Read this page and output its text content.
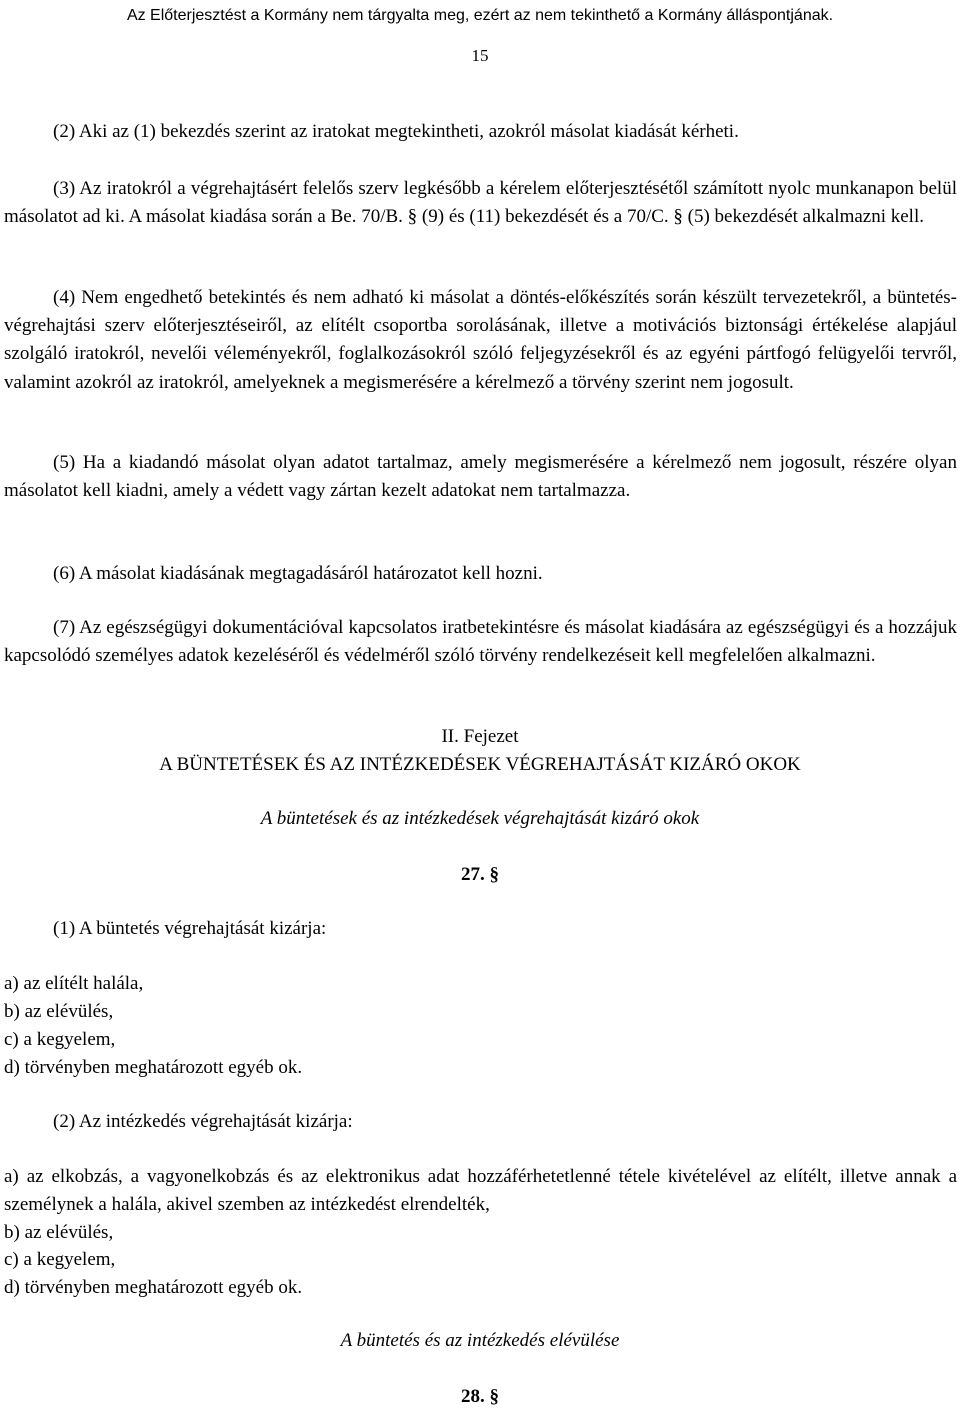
Az Előterjesztést a Kormány nem tárgyalta meg, ezért az nem tekinthető a Kormány álláspontjának.
15
(2) Aki az (1) bekezdés szerint az iratokat megtekintheti, azokról másolat kiadását kérheti.
(3) Az iratokról a végrehajtásért felelős szerv legkésőbb a kérelem előterjesztésétől számított nyolc munkanapon belül másolatot ad ki. A másolat kiadása során a Be. 70/B. § (9) és (11) bekezdését és a 70/C. § (5) bekezdését alkalmazni kell.
(4) Nem engedhető betekintés és nem adható ki másolat a döntés-előkészítés során készült tervezetekről, a büntetés-végrehajtási szerv előterjesztéseiről, az elítélt csoportba sorolásának, illetve a motivációs biztonsági értékelése alapjául szolgáló iratokról, nevelői véleményekről, foglalkozásokról szóló feljegyzésekről és az egyéni pártfogó felügyelői tervről, valamint azokról az iratokról, amelyeknek a megismerésére a kérelmező a törvény szerint nem jogosult.
(5) Ha a kiadandó másolat olyan adatot tartalmaz, amely megismerésére a kérelmező nem jogosult, részére olyan másolatot kell kiadni, amely a védett vagy zártan kezelt adatokat nem tartalmazza.
(6) A másolat kiadásának megtagadásáról határozatot kell hozni.
(7) Az egészségügyi dokumentációval kapcsolatos iratbetekintésre és másolat kiadására az egészségügyi és a hozzájuk kapcsolódó személyes adatok kezeléséről és védelméről szóló törvény rendelkezéseit kell megfelelően alkalmazni.
II. Fejezet
A BÜNTETÉSEK ÉS AZ INTÉZKEDÉSEK VÉGREHAJTÁSÁT KIZÁRÓ OKOK
A büntetések és az intézkedések végrehajtását kizáró okok
27. §
(1) A büntetés végrehajtását kizárja:
a) az elítélt halála,
b) az elévülés,
c) a kegyelem,
d) törvényben meghatározott egyéb ok.
(2) Az intézkedés végrehajtását kizárja:
a) az elkobzás, a vagyonelkobzás és az elektronikus adat hozzáférhetetlenné tétele kivételével az elítélt, illetve annak a személynek a halála, akivel szemben az intézkedést elrendelték,
b) az elévülés,
c) a kegyelem,
d) törvényben meghatározott egyéb ok.
A büntetés és az intézkedés elévülése
28. §
